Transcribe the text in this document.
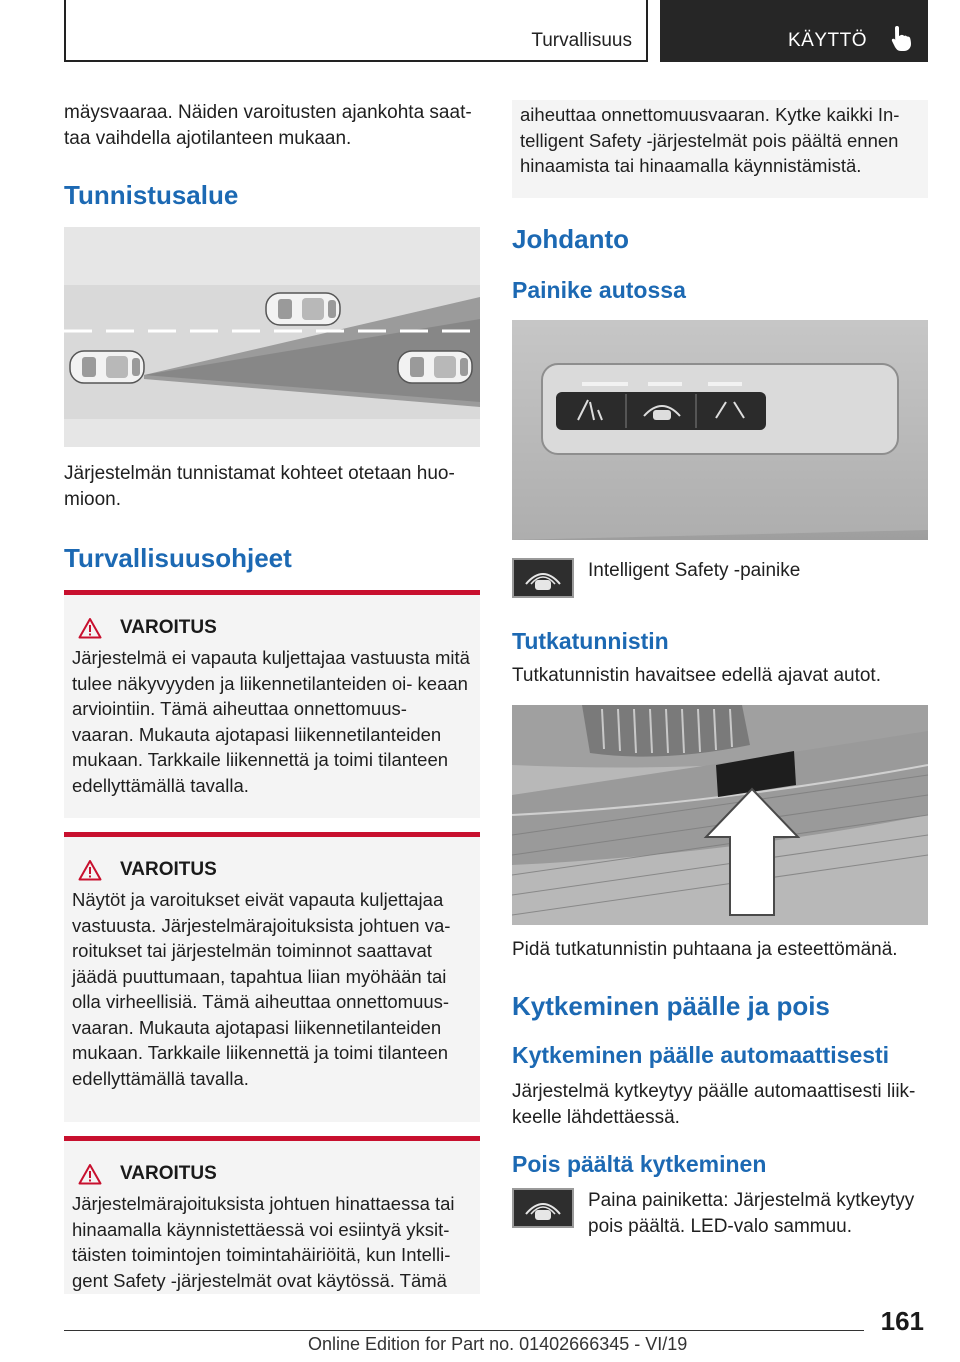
Turvallisuus	KÄYTTÖ

mäysvaaraa. Näiden varoitusten ajankohta saat‐ taa vaihdella ajotilanteen mukaan.

Tunnistusalue

Järjestelmän tunnistamat kohteet otetaan huo‐ mioon.

Turvallisuusohjeet
VAROITUS

Järjestelmä ei vapauta kuljettajaa vastuusta mitä tulee näkyvyyden ja liikennetilanteiden oi‐ keaan arviointiin. Tämä aiheuttaa onnettomuus‐ vaaran. Mukauta ajotapasi liikennetilanteiden mukaan. Tarkkaile liikennettä ja toimi tilanteen edellyttämällä tavalla.

VAROITUS

Näytöt ja varoitukset eivät vapauta kuljettajaa vastuusta. Järjestelmärajoituksista johtuen va‐ roitukset tai järjestelmän toiminnot saattavat jäädä puuttumaan, tapahtua liian myöhään tai olla virheellisiä. Tämä aiheuttaa onnettomuus‐ vaaran. Mukauta ajotapasi liikennetilanteiden mukaan. Tarkkaile liikennettä ja toimi tilanteen edellyttämällä tavalla.

VAROITUS

Järjestelmärajoituksista johtuen hinattaessa tai hinaamalla käynnistettäessä voi esiintyä yksit‐ täisten toimintojen toimintahäiriöitä, kun Intelli‐ gent Safety -järjestelmät ovat käytössä. Tämä

aiheuttaa onnettomuusvaaran. Kytke kaikki In‐ telligent Safety -järjestelmät pois päältä ennen hinaamista tai hinaamalla käynnistämistä.

Johdanto
Painike autossa

Intelligent Safety -painike

Tutkatunnistin

Tutkatunnistin havaitsee edellä ajavat autot.

Pidä tutkatunnistin puhtaana ja esteettömänä.

Kytkeminen päälle ja pois
Kytkeminen päälle automaattisesti

Järjestelmä kytkeytyy päälle automaattisesti liik‐ keelle lähdettäessä.

Pois päältä kytkeminen

Paina painiketta: Järjestelmä kytkeytyy pois päältä. LED-valo sammuu.

161
Online Edition for Part no. 01402666345 - VI/19
